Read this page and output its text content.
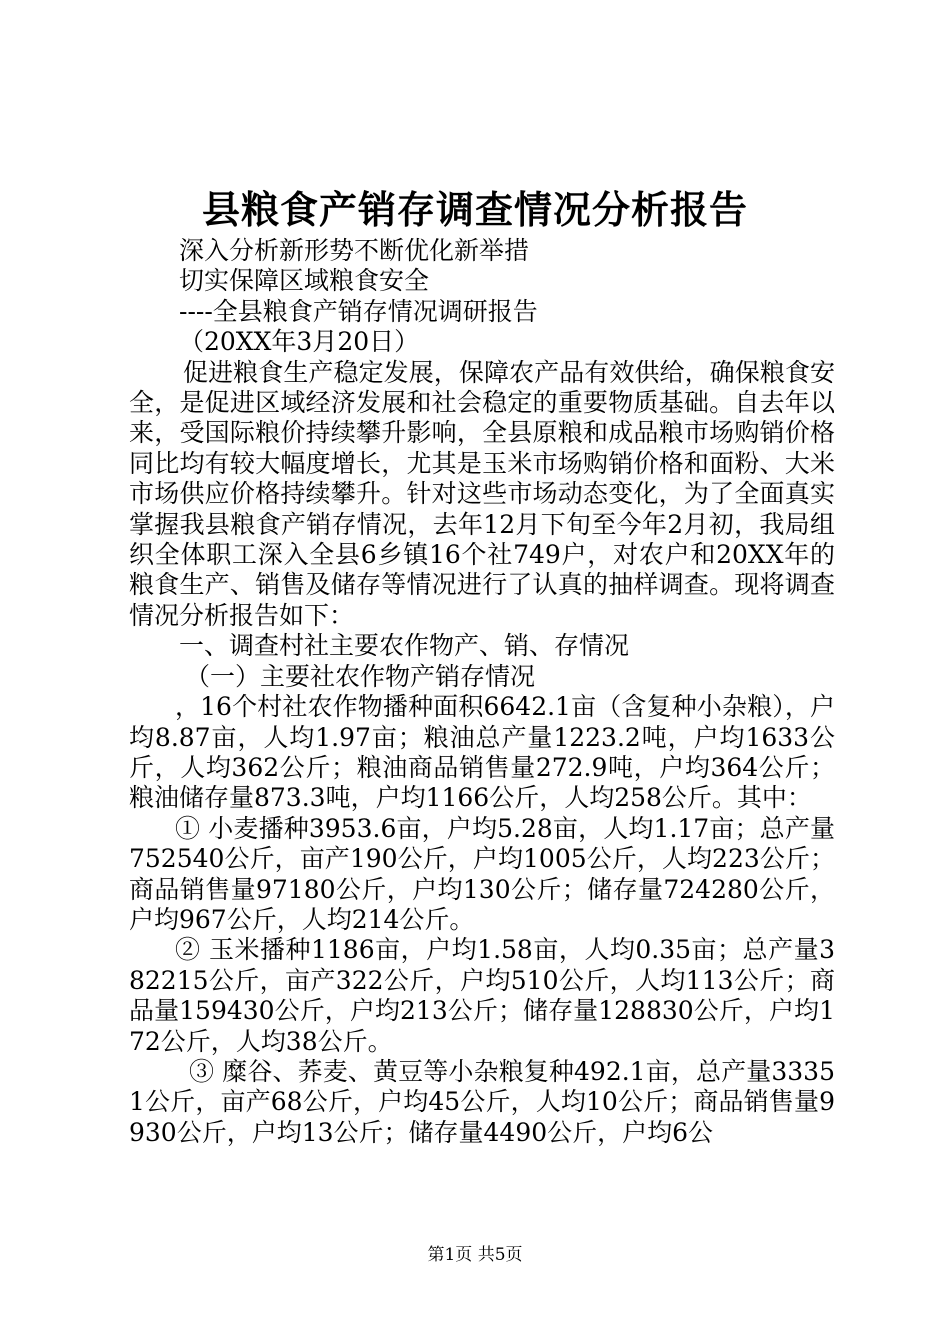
县粮食产销存调查情况分析报告
深入分析新形势不断优化新举措
切实保障区域粮食安全
----全县粮食产销存情况调研报告
（20XX年3月20日）
促进粮食生产稳定发展，保障农产品有效供给，确保粮食安全，是促进区域经济发展和社会稳定的重要物质基础。自去年以来，受国际粮价持续攀升影响，全县原粮和成品粮市场购销价格同比均有较大幅度增长，尤其是玉米市场购销价格和面粉、大米市场供应价格持续攀升。针对这些市场动态变化，为了全面真实掌握我县粮食产销存情况，去年12月下旬至今年2月初，我局组织全体职工深入全县6乡镇16个社749户，对农户和20XX年的粮食生产、销售及储存等情况进行了认真的抽样调查。现将调查情况分析报告如下：
一、调查村社主要农作物产、销、存情况
（一）主要社农作物产销存情况
，16个村社农作物播种面积6642.1亩（含复种小杂粮），户均8.87亩，人均1.97亩；粮油总产量1223.2吨，户均1633公斤，人均362公斤；粮油商品销售量272.9吨，户均364公斤；粮油储存量873.3吨，户均1166公斤，人均258公斤。其中：
① 小麦播种3953.6亩，户均5.28亩，人均1.17亩；总产量752540公斤，亩产190公斤，户均1005公斤，人均223公斤；商品销售量97180公斤，户均130公斤；储存量724280公斤，户均967公斤，人均214公斤。
② 玉米播种1186亩，户均1.58亩，人均0.35亩；总产量382215公斤，亩产322公斤，户均510公斤，人均113公斤；商品量159430公斤，户均213公斤；储存量128830公斤，户均172公斤，人均38公斤。
③ 糜谷、荞麦、黄豆等小杂粮复种492.1亩，总产量33351公斤，亩产68公斤，户均45公斤，人均10公斤；商品销售量9930公斤，户均13公斤；储存量4490公斤，户均6公
第1页 共5页
